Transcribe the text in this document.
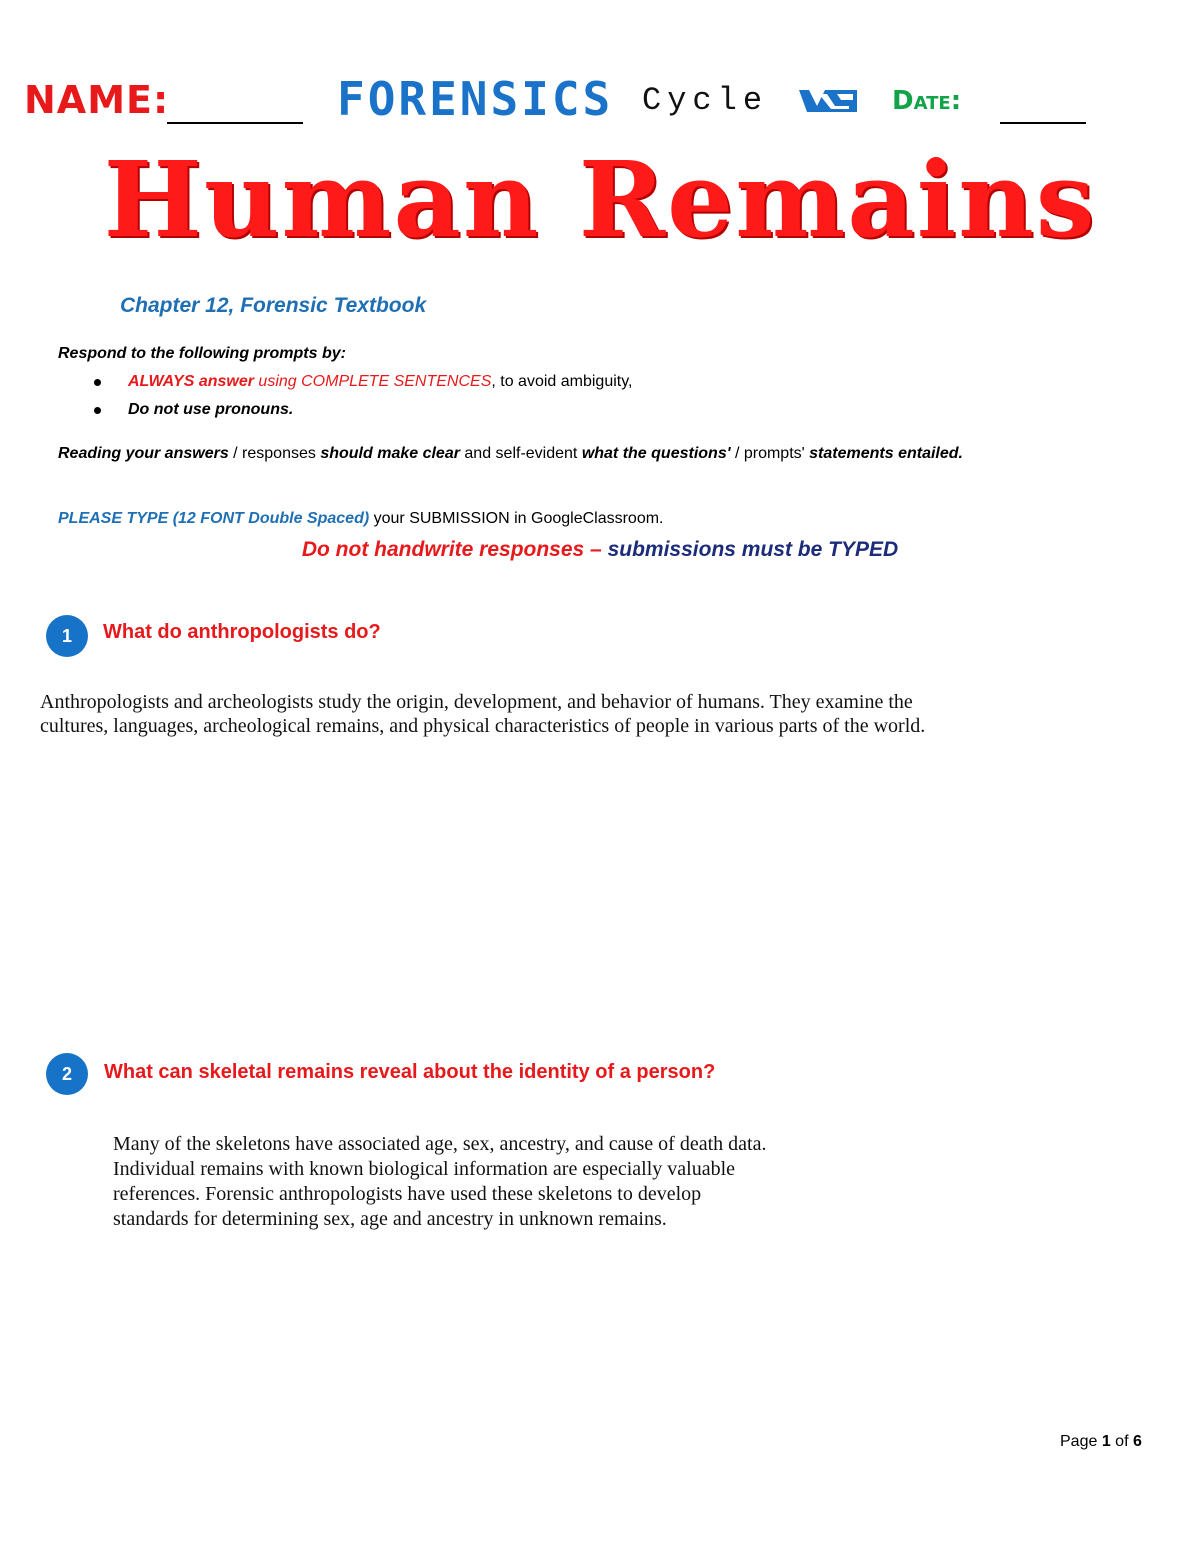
NAME:	FORENSICS Cycle	Date:
Human Remains
Chapter 12, Forensic Textbook
Respond to the following prompts by:
ALWAYS answer using COMPLETE SENTENCES, to avoid ambiguity,
Do not use pronouns.
Reading your answers / responses should make clear and self-evident what the questions' / prompts' statements entailed.
PLEASE TYPE (12 FONT Double Spaced) your SUBMISSION in GoogleClassroom.
Do not handwrite responses – submissions must be TYPED
1	What do anthropologists do?
Anthropologists and archeologists study the origin, development, and behavior of humans. They examine the
cultures, languages, archeological remains, and physical characteristics of people in various parts of the world.
2	What can skeletal remains reveal about the identity of a person?
Many of the skeletons have associated age, sex, ancestry, and cause of death data.
Individual remains with known biological information are especially valuable
references. Forensic anthropologists have used these skeletons to develop
standards for determining sex, age and ancestry in unknown remains.
Page 1 of 6
